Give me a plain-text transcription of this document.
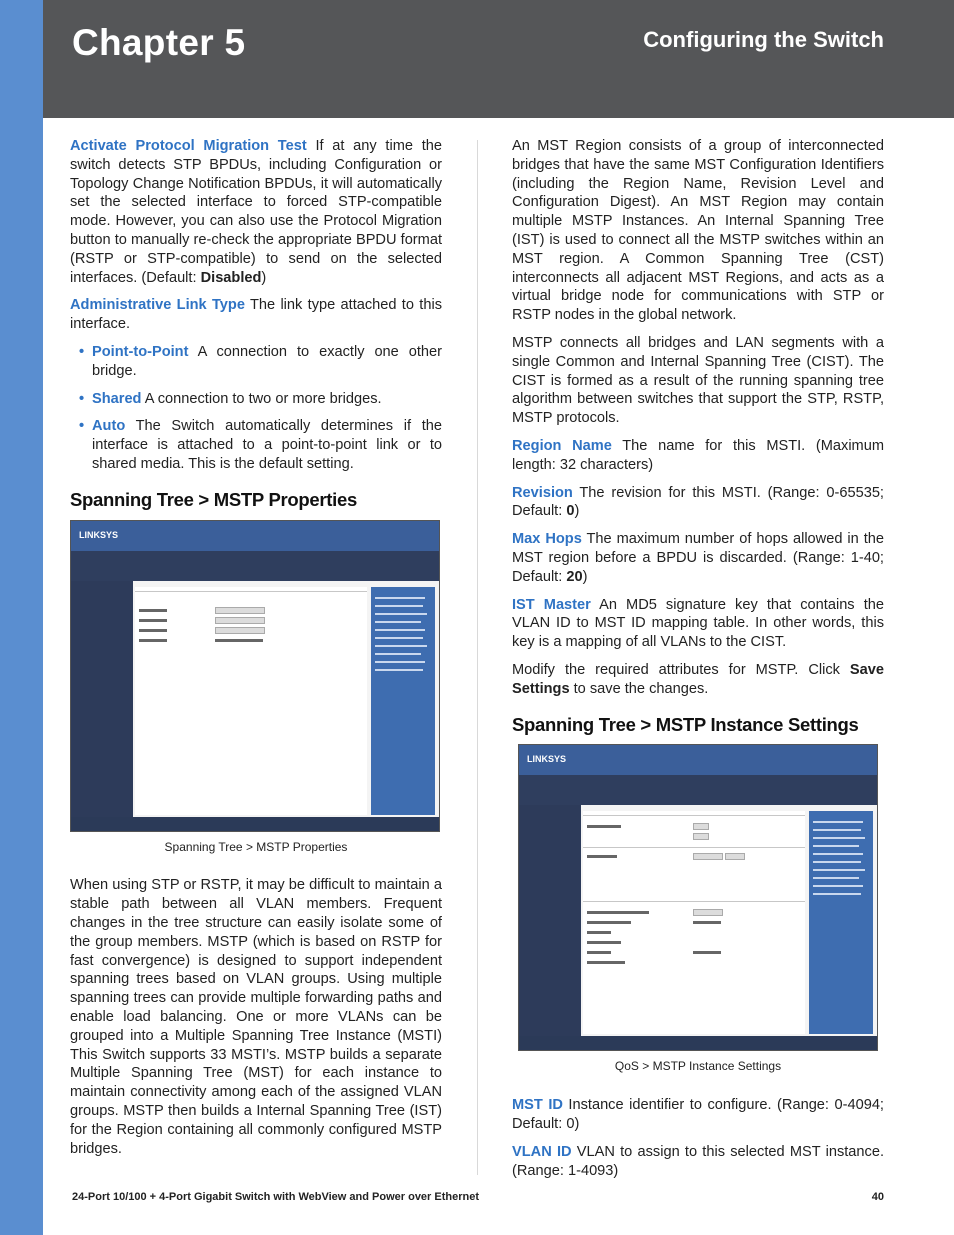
Chapter 5	Configuring the Switch

Activate Protocol Migration Test If at any time the switch detects STP BPDUs, including Configuration or Topology Change Notification BPDUs, it will automatically set the selected interface to forced STP-compatible mode. However, you can also use the Protocol Migration button to manually re-check the appropriate BPDU format (RSTP or STP-compatible) to send on the selected interfaces. (Default: Disabled)

Administrative Link Type The link type attached to this interface.

• Point-to-Point A connection to exactly one other bridge.
• Shared A connection to two or more bridges.
• Auto The Switch automatically determines if the interface is attached to a point-to-point link or to shared media. This is the default setting.
Spanning Tree > MSTP Properties
LINKSYS
Spanning Tree > MSTP Properties

When using STP or RSTP, it may be difficult to maintain a stable path between all VLAN members. Frequent changes in the tree structure can easily isolate some of the group members. MSTP (which is based on RSTP for fast convergence) is designed to support independent spanning trees based on VLAN groups. Using multiple spanning trees can provide multiple forwarding paths and enable load balancing. One or more VLANs can be grouped into a Multiple Spanning Tree Instance (MSTI) This Switch supports 33 MSTI’s. MSTP builds a separate Multiple Spanning Tree (MST) for each instance to maintain connectivity among each of the assigned VLAN groups. MSTP then builds a Internal Spanning Tree (IST) for the Region containing all commonly configured MSTP bridges.

An MST Region consists of a group of interconnected bridges that have the same MST Configuration Identifiers (including the Region Name, Revision Level and Configuration Digest). An MST Region may contain multiple MSTP Instances. An Internal Spanning Tree (IST) is used to connect all the MSTP switches within an MST region. A Common Spanning Tree (CST) interconnects all adjacent MST Regions, and acts as a virtual bridge node for communications with STP or RSTP nodes in the global network.

MSTP connects all bridges and LAN segments with a single Common and Internal Spanning Tree (CIST). The CIST is formed as a result of the running spanning tree algorithm between switches that support the STP, RSTP, MSTP protocols.

Region Name The name for this MSTI. (Maximum length: 32 characters)

Revision The revision for this MSTI. (Range: 0-65535; Default: 0)

Max Hops The maximum number of hops allowed in the MST region before a BPDU is discarded. (Range: 1-40; Default: 20)

IST Master An MD5 signature key that contains the VLAN ID to MST ID mapping table. In other words, this key is a mapping of all VLANs to the CIST.

Modify the required attributes for MSTP. Click Save Settings to save the changes.

Spanning Tree > MSTP Instance Settings
LINKSYS
QoS > MSTP Instance Settings

MST ID Instance identifier to configure. (Range: 0-4094; Default: 0)

VLAN ID VLAN to assign to this selected MST instance. (Range: 1-4093)

24-Port 10/100 + 4-Port Gigabit Switch with WebView and Power over Ethernet	40
